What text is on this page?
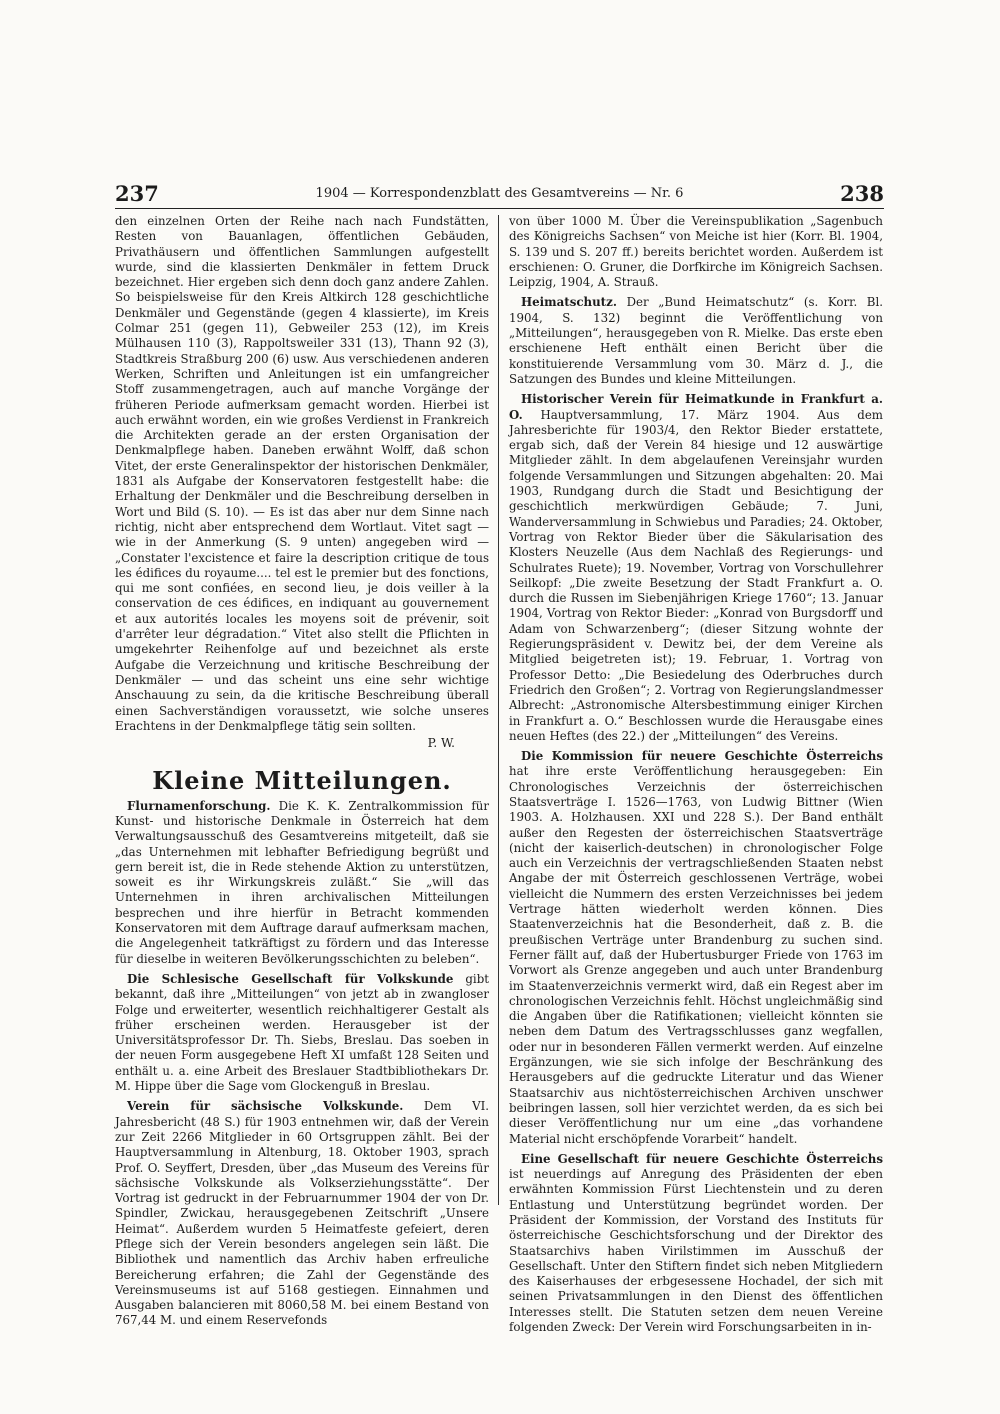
237	1904 — Korrespondenzblatt des Gesamtvereins — Nr. 6	238

den einzelnen Orten der Reihe nach nach Fundstätten, Resten von Bauanlagen, öffentlichen Gebäuden, Privathäusern und öffentlichen Sammlungen aufgestellt wurde, sind die klassierten Denkmäler in fettem Druck bezeichnet. Hier ergeben sich denn doch ganz andere Zahlen. So beispielsweise für den Kreis Altkirch 128 geschichtliche Denkmäler und Gegenstände (gegen 4 klassierte), im Kreis Colmar 251 (gegen 11), Gebweiler 253 (12), im Kreis Mülhausen 110 (3), Rappoltsweiler 331 (13), Thann 92 (3), Stadtkreis Straßburg 200 (6) usw. Aus verschiedenen anderen Werken, Schriften und Anleitungen ist ein umfangreicher Stoff zusammengetragen, auch auf manche Vorgänge der früheren Periode aufmerksam gemacht worden. Hierbei ist auch erwähnt worden, ein wie großes Verdienst in Frankreich die Architekten gerade an der ersten Organisation der Denkmalpflege haben. Daneben erwähnt Wolff, daß schon Vitet, der erste Generalinspektor der historischen Denkmäler, 1831 als Aufgabe der Konservatoren festgestellt habe: die Erhaltung der Denkmäler und die Beschreibung derselben in Wort und Bild (S. 10). — Es ist das aber nur dem Sinne nach richtig, nicht aber entsprechend dem Wortlaut. Vitet sagt — wie in der Anmerkung (S. 9 unten) angegeben wird — „Constater l'excistence et faire la description critique de tous les édifices du royaume.... tel est le premier but des fonctions, qui me sont confiées, en second lieu, je dois veiller à la conservation de ces édifices, en indiquant au gouvernement et aux autorités locales les moyens soit de prévenir, soit d'arrêter leur dégradation.“ Vitet also stellt die Pflichten in umgekehrter Reihenfolge auf und bezeichnet als erste Aufgabe die Verzeichnung und kritische Beschreibung der Denkmäler — und das scheint uns eine sehr wichtige Anschauung zu sein, da die kritische Beschreibung überall einen Sachverständigen voraussetzt, wie solche unseres Erachtens in der Denkmalpflege tätig sein sollten.

P. W.
Kleine Mitteilungen.

Flurnamenforschung. Die K. K. Zentralkommission für Kunst- und historische Denkmale in Österreich hat dem Verwaltungsausschuß des Gesamtvereins mitgeteilt, daß sie „das Unternehmen mit lebhafter Befriedigung begrüßt und gern bereit ist, die in Rede stehende Aktion zu unterstützen, soweit es ihr Wirkungskreis zuläßt.“ Sie „will das Unternehmen in ihren archivalischen Mitteilungen besprechen und ihre hierfür in Betracht kommenden Konservatoren mit dem Auftrage darauf aufmerksam machen, die Angelegenheit tatkräftigst zu fördern und das Interesse für dieselbe in weiteren Bevölkerungsschichten zu beleben“.

Die Schlesische Gesellschaft für Volkskunde gibt bekannt, daß ihre „Mitteilungen“ von jetzt ab in zwangloser Folge und erweiterter, wesentlich reichhaltigerer Gestalt als früher erscheinen werden. Herausgeber ist der Universitätsprofessor Dr. Th. Siebs, Breslau. Das soeben in der neuen Form ausgegebene Heft XI umfaßt 128 Seiten und enthält u. a. eine Arbeit des Breslauer Stadtbibliothekars Dr. M. Hippe über die Sage vom Glockenguß in Breslau.

Verein für sächsische Volkskunde. Dem VI. Jahresbericht (48 S.) für 1903 entnehmen wir, daß der Verein zur Zeit 2266 Mitglieder in 60 Ortsgruppen zählt. Bei der Hauptversammlung in Altenburg, 18. Oktober 1903, sprach Prof. O. Seyffert, Dresden, über „das Museum des Vereins für sächsische Volkskunde als Volkserziehungsstätte“. Der Vortrag ist gedruckt in der Februarnummer 1904 der von Dr. Spindler, Zwickau, herausgegebenen Zeitschrift „Unsere Heimat“. Außerdem wurden 5 Heimatfeste gefeiert, deren Pflege sich der Verein besonders angelegen sein läßt. Die Bibliothek und namentlich das Archiv haben erfreuliche Bereicherung erfahren; die Zahl der Gegenstände des Vereinsmuseums ist auf 5168 gestiegen. Einnahmen und Ausgaben balancieren mit 8060,58 M. bei einem Bestand von 767,44 M. und einem Reservefonds

von über 1000 M. Über die Vereinspublikation „Sagenbuch des Königreichs Sachsen“ von Meiche ist hier (Korr. Bl. 1904, S. 139 und S. 207 ff.) bereits berichtet worden. Außerdem ist erschienen: O. Gruner, die Dorfkirche im Königreich Sachsen. Leipzig, 1904, A. Strauß.

Heimatschutz. Der „Bund Heimatschutz“ (s. Korr. Bl. 1904, S. 132) beginnt die Veröffentlichung von „Mitteilungen“, herausgegeben von R. Mielke. Das erste eben erschienene Heft enthält einen Bericht über die konstituierende Versammlung vom 30. März d. J., die Satzungen des Bundes und kleine Mitteilungen.

Historischer Verein für Heimatkunde in Frankfurt a. O. Hauptversammlung, 17. März 1904. Aus dem Jahresberichte für 1903/4, den Rektor Bieder erstattete, ergab sich, daß der Verein 84 hiesige und 12 auswärtige Mitglieder zählt. In dem abgelaufenen Vereinsjahr wurden folgende Versammlungen und Sitzungen abgehalten: 20. Mai 1903, Rundgang durch die Stadt und Besichtigung der geschichtlich merkwürdigen Gebäude; 7. Juni, Wanderversammlung in Schwiebus und Paradies; 24. Oktober, Vortrag von Rektor Bieder über die Säkularisation des Klosters Neuzelle (Aus dem Nachlaß des Regierungs- und Schulrates Ruete); 19. November, Vortrag von Vorschullehrer Seilkopf: „Die zweite Besetzung der Stadt Frankfurt a. O. durch die Russen im Siebenjährigen Kriege 1760“; 13. Januar 1904, Vortrag von Rektor Bieder: „Konrad von Burgsdorff und Adam von Schwarzenberg“; (dieser Sitzung wohnte der Regierungspräsident v. Dewitz bei, der dem Vereine als Mitglied beigetreten ist); 19. Februar, 1. Vortrag von Professor Detto: „Die Besiedelung des Oderbruches durch Friedrich den Großen“; 2. Vortrag von Regierungslandmesser Albrecht: „Astronomische Altersbestimmung einiger Kirchen in Frankfurt a. O.“ Beschlossen wurde die Herausgabe eines neuen Heftes (des 22.) der „Mitteilungen“ des Vereins.

Die Kommission für neuere Geschichte Österreichs hat ihre erste Veröffentlichung herausgegeben: Ein Chronologisches Verzeichnis der österreichischen Staatsverträge I. 1526—1763, von Ludwig Bittner (Wien 1903. A. Holzhausen. XXI und 228 S.). Der Band enthält außer den Regesten der österreichischen Staatsverträge (nicht der kaiserlich-deutschen) in chronologischer Folge auch ein Verzeichnis der vertragschließenden Staaten nebst Angabe der mit Österreich geschlossenen Verträge, wobei vielleicht die Nummern des ersten Verzeichnisses bei jedem Vertrage hätten wiederholt werden können. Dies Staatenverzeichnis hat die Besonderheit, daß z. B. die preußischen Verträge unter Brandenburg zu suchen sind. Ferner fällt auf, daß der Hubertusburger Friede von 1763 im Vorwort als Grenze angegeben und auch unter Brandenburg im Staatenverzeichnis vermerkt wird, daß ein Regest aber im chronologischen Verzeichnis fehlt. Höchst ungleichmäßig sind die Angaben über die Ratifikationen; vielleicht könnten sie neben dem Datum des Vertragsschlusses ganz wegfallen, oder nur in besonderen Fällen vermerkt werden. Auf einzelne Ergänzungen, wie sie sich infolge der Beschränkung des Herausgebers auf die gedruckte Literatur und das Wiener Staatsarchiv aus nichtösterreichischen Archiven unschwer beibringen lassen, soll hier verzichtet werden, da es sich bei dieser Veröffentlichung nur um eine „das vorhandene Material nicht erschöpfende Vorarbeit“ handelt.

Eine Gesellschaft für neuere Geschichte Österreichs ist neuerdings auf Anregung des Präsidenten der eben erwähnten Kommission Fürst Liechtenstein und zu deren Entlastung und Unterstützung begründet worden. Der Präsident der Kommission, der Vorstand des Instituts für österreichische Geschichtsforschung und der Direktor des Staatsarchivs haben Virilstimmen im Ausschuß der Gesellschaft. Unter den Stiftern findet sich neben Mitgliedern des Kaiserhauses der erbgesessene Hochadel, der sich mit seinen Privatsammlungen in den Dienst des öffentlichen Interesses stellt. Die Statuten setzen dem neuen Vereine folgenden Zweck: Der Verein wird Forschungsarbeiten in in-
